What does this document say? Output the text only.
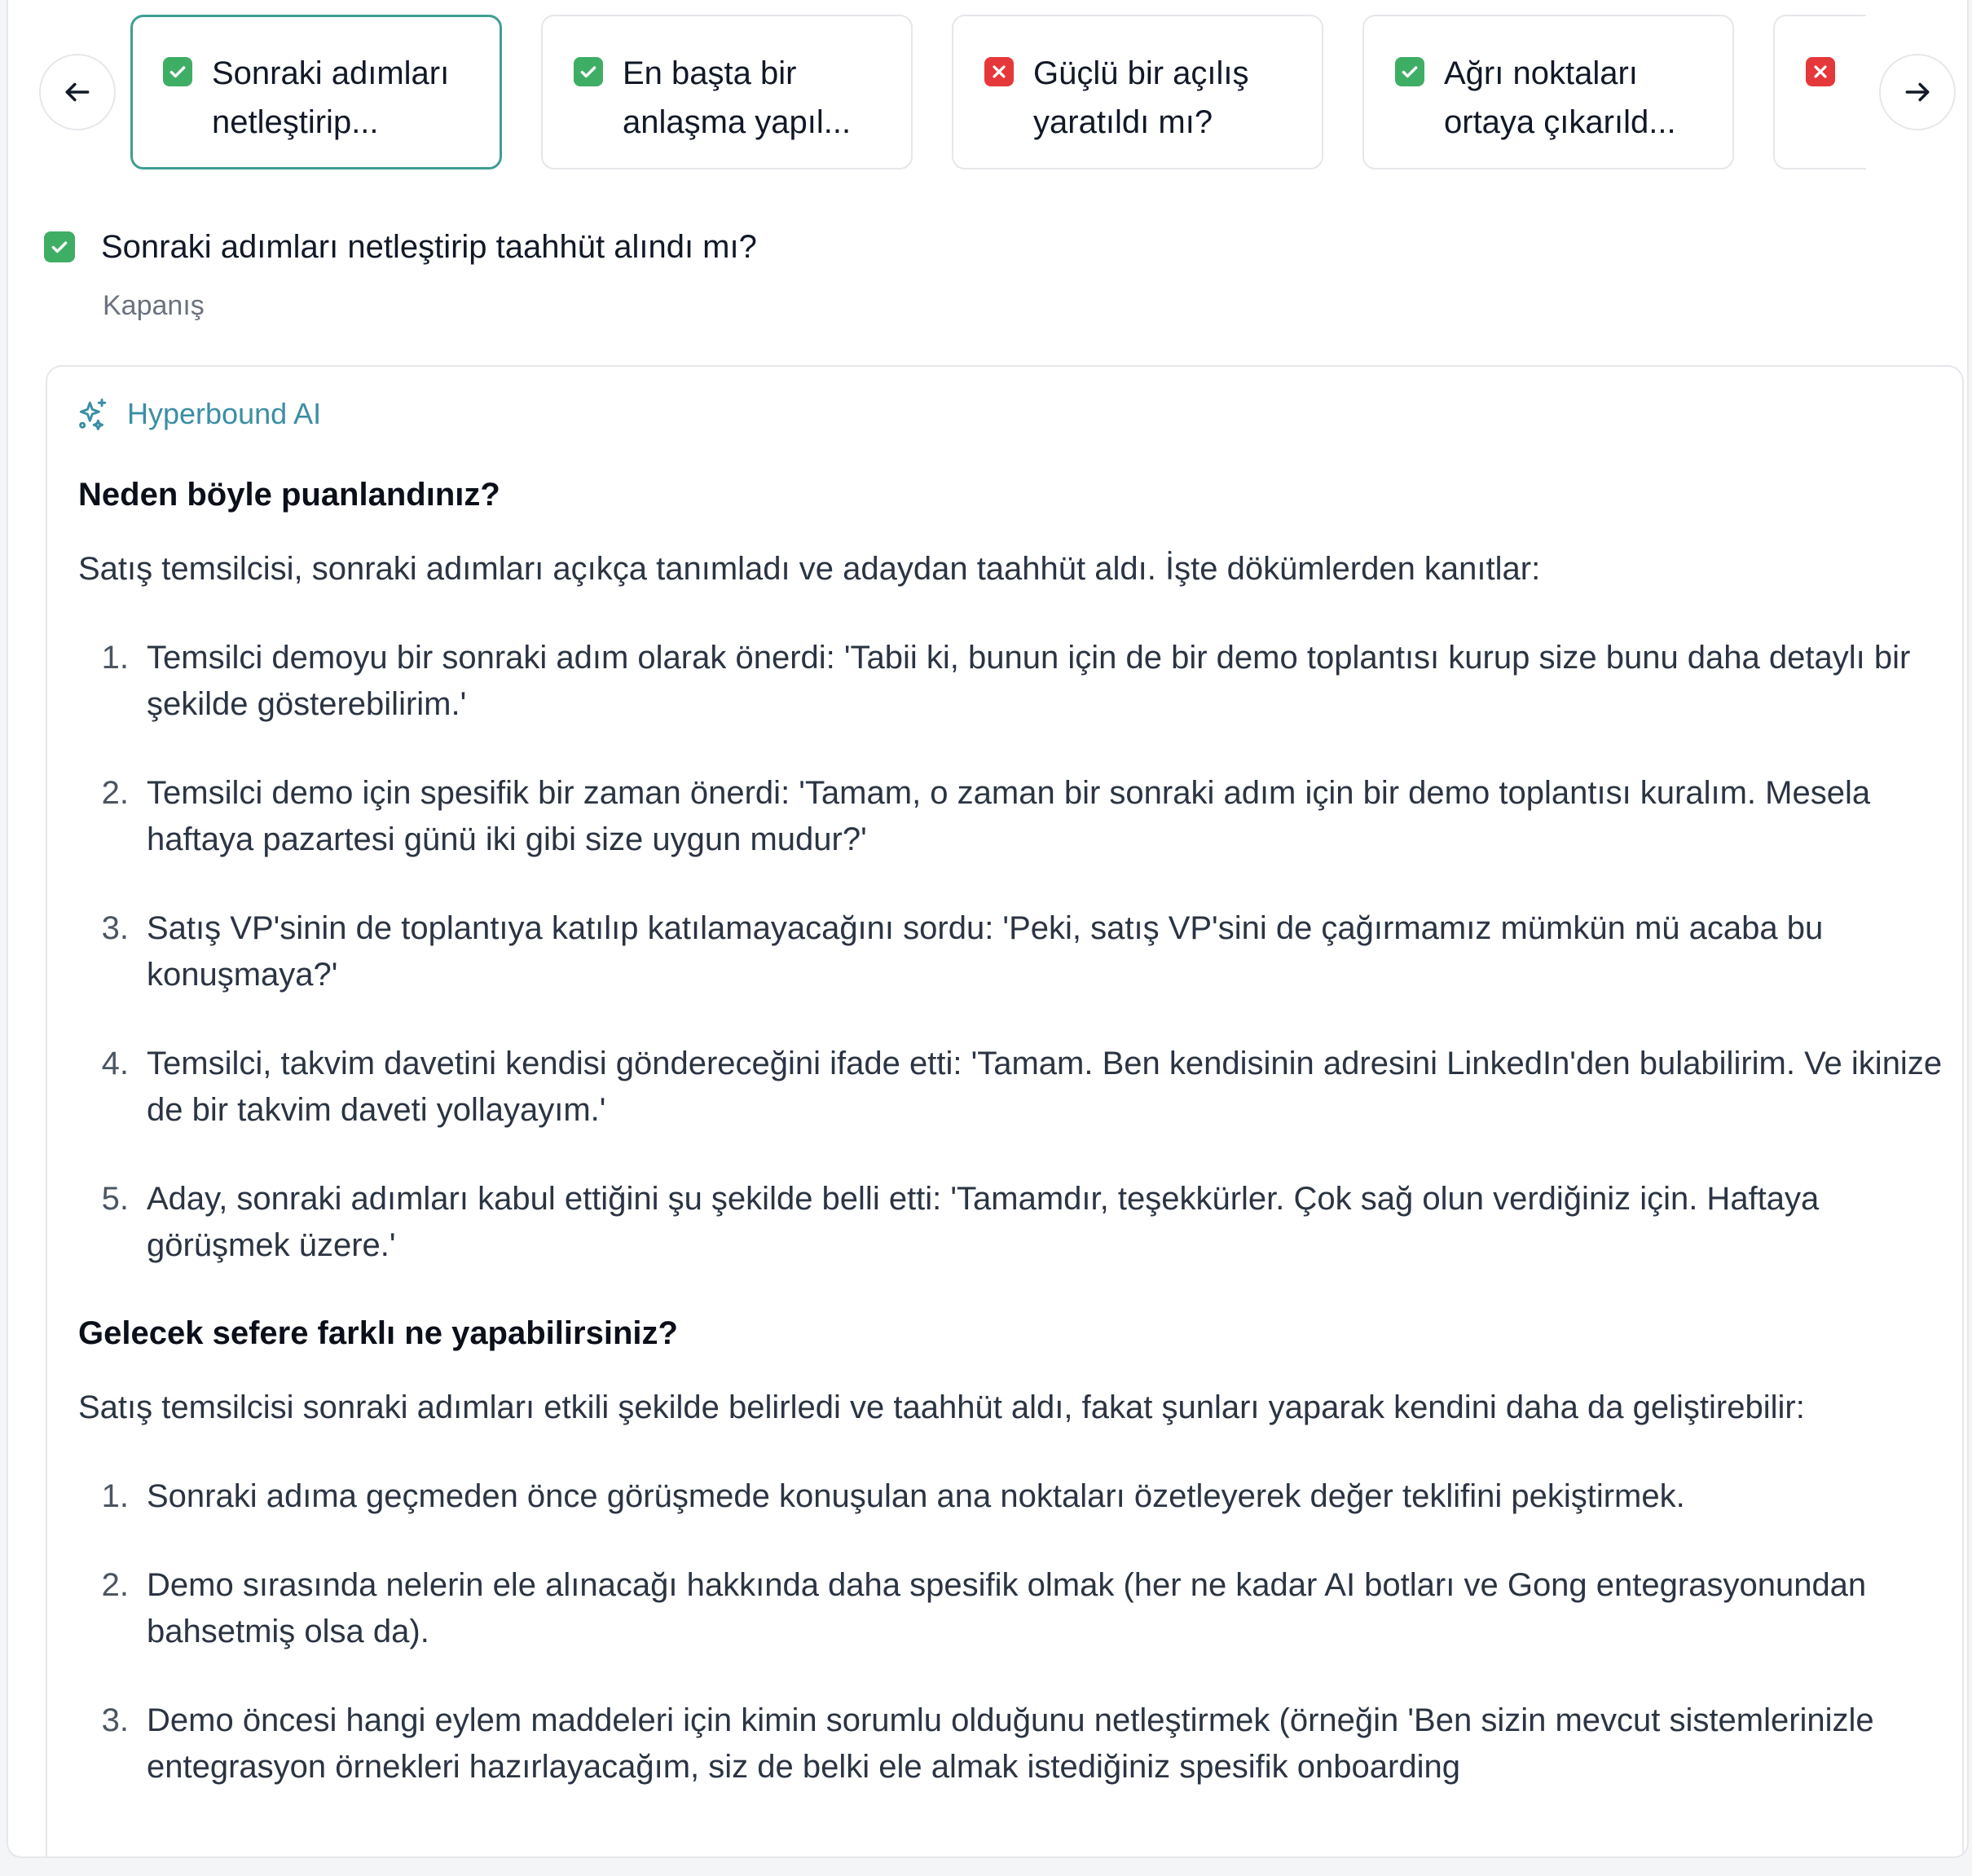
Sonraki adımları
netleştirip...
En başta bir
anlaşma yapıl...
Güçlü bir açılış
yaratıldı mı?
Ağrı noktaları
ortaya çıkarıld...
Sonraki adımları netleştirip taahhüt alındı mı?
Kapanış
Hyperbound AI
Neden böyle puanlandınız?

Satış temsilcisi, sonraki adımları açıkça tanımladı ve adaydan taahhüt aldı. İşte dökümlerden kanıtlar:

1. Temsilci demoyu bir sonraki adım olarak önerdi: 'Tabii ki, bunun için de bir demo toplantısı kurup size bunu daha detaylı bir şekilde gösterebilirim.'
2. Temsilci demo için spesifik bir zaman önerdi: 'Tamam, o zaman bir sonraki adım için bir demo toplantısı kuralım. Mesela haftaya pazartesi günü iki gibi size uygun mudur?'
3. Satış VP'sinin de toplantıya katılıp katılamayacağını sordu: 'Peki, satış VP'sini de çağırmamız mümkün mü acaba bu konuşmaya?'
4. Temsilci, takvim davetini kendisi göndereceğini ifade etti: 'Tamam. Ben kendisinin adresini LinkedIn'den bulabilirim. Ve ikinize de bir takvim daveti yollayayım.'
5. Aday, sonraki adımları kabul ettiğini şu şekilde belli etti: 'Tamamdır, teşekkürler. Çok sağ olun verdiğiniz için. Haftaya görüşmek üzere.'
Gelecek sefere farklı ne yapabilirsiniz?

Satış temsilcisi sonraki adımları etkili şekilde belirledi ve taahhüt aldı, fakat şunları yaparak kendini daha da geliştirebilir:

1. Sonraki adıma geçmeden önce görüşmede konuşulan ana noktaları özetleyerek değer teklifini pekiştirmek.
2. Demo sırasında nelerin ele alınacağı hakkında daha spesifik olmak (her ne kadar AI botları ve Gong entegrasyonundan bahsetmiş olsa da).
3. Demo öncesi hangi eylem maddeleri için kimin sorumlu olduğunu netleştirmek (örneğin 'Ben sizin mevcut sistemlerinizle entegrasyon örnekleri hazırlayacağım, siz de belki ele almak istediğiniz spesifik onboarding
